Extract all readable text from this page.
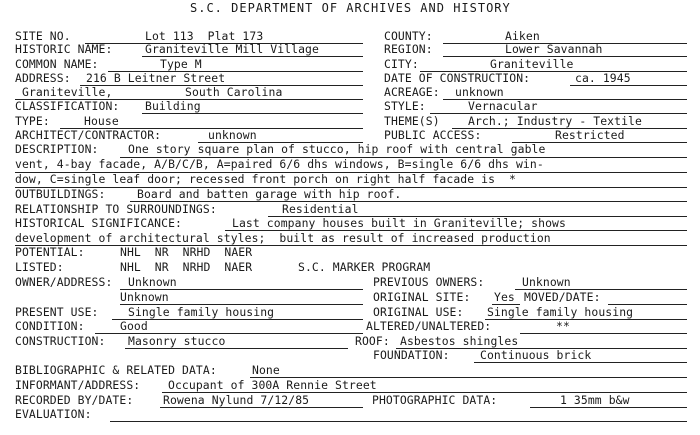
S.C. DEPARTMENT OF ARCHIVES AND HISTORY
SITE NO.	Lot 113  Plat 173	COUNTY:	Aiken
HISTORIC NAME:	Graniteville Mill Village	REGION:	Lower Savannah
COMMON NAME:	Type M	CITY:	Graniteville
ADDRESS: 216 B Leitner Street	DATE OF CONSTRUCTION:	ca. 1945
Graniteville,	South Carolina	ACREAGE: unknown
CLASSIFICATION: Building	STYLE:	Vernacular
TYPE:	House	THEME(S) Arch.; Industry - Textile
ARCHITECT/CONTRACTOR:	unknown	PUBLIC ACCESS:	Restricted
DESCRIPTION:	One story square plan of stucco, hip roof with central gable
vent, 4-bay facade, A/B/C/B, A=paired 6/6 dhs windows, B=single 6/6 dhs win-
dow, C=single leaf door; recessed front porch on right half facade is  *
OUTBUILDINGS:	Board and batten garage with hip roof.
RELATIONSHIP TO SURROUNDINGS:	Residential
HISTORICAL SIGNIFICANCE:	Last company houses built in Graniteville; shows
development of architectural styles;  built as result of increased production
POTENTIAL:	NHL  NR  NRHD  NAER
LISTED:	NHL  NR  NRHD  NAER	S.C. MARKER PROGRAM
OWNER/ADDRESS: Unknown	PREVIOUS OWNERS:	Unknown
Unknown	ORIGINAL SITE: Yes MOVED/DATE:
PRESENT USE:	Single family housing	ORIGINAL USE: Single family housing
CONDITION:	Good	ALTERED/UNALTERED:	**
CONSTRUCTION: Masonry stucco	ROOF: Asbestos shingles
FOUNDATION:	Continuous brick
BIBLIOGRAPHIC & RELATED DATA:	None
INFORMANT/ADDRESS: Occupant of 300A Rennie Street
RECORDED BY/DATE:	Rowena Nylund 7/12/85	PHOTOGRAPHIC DATA:	1 35mm b&w
EVALUATION:
